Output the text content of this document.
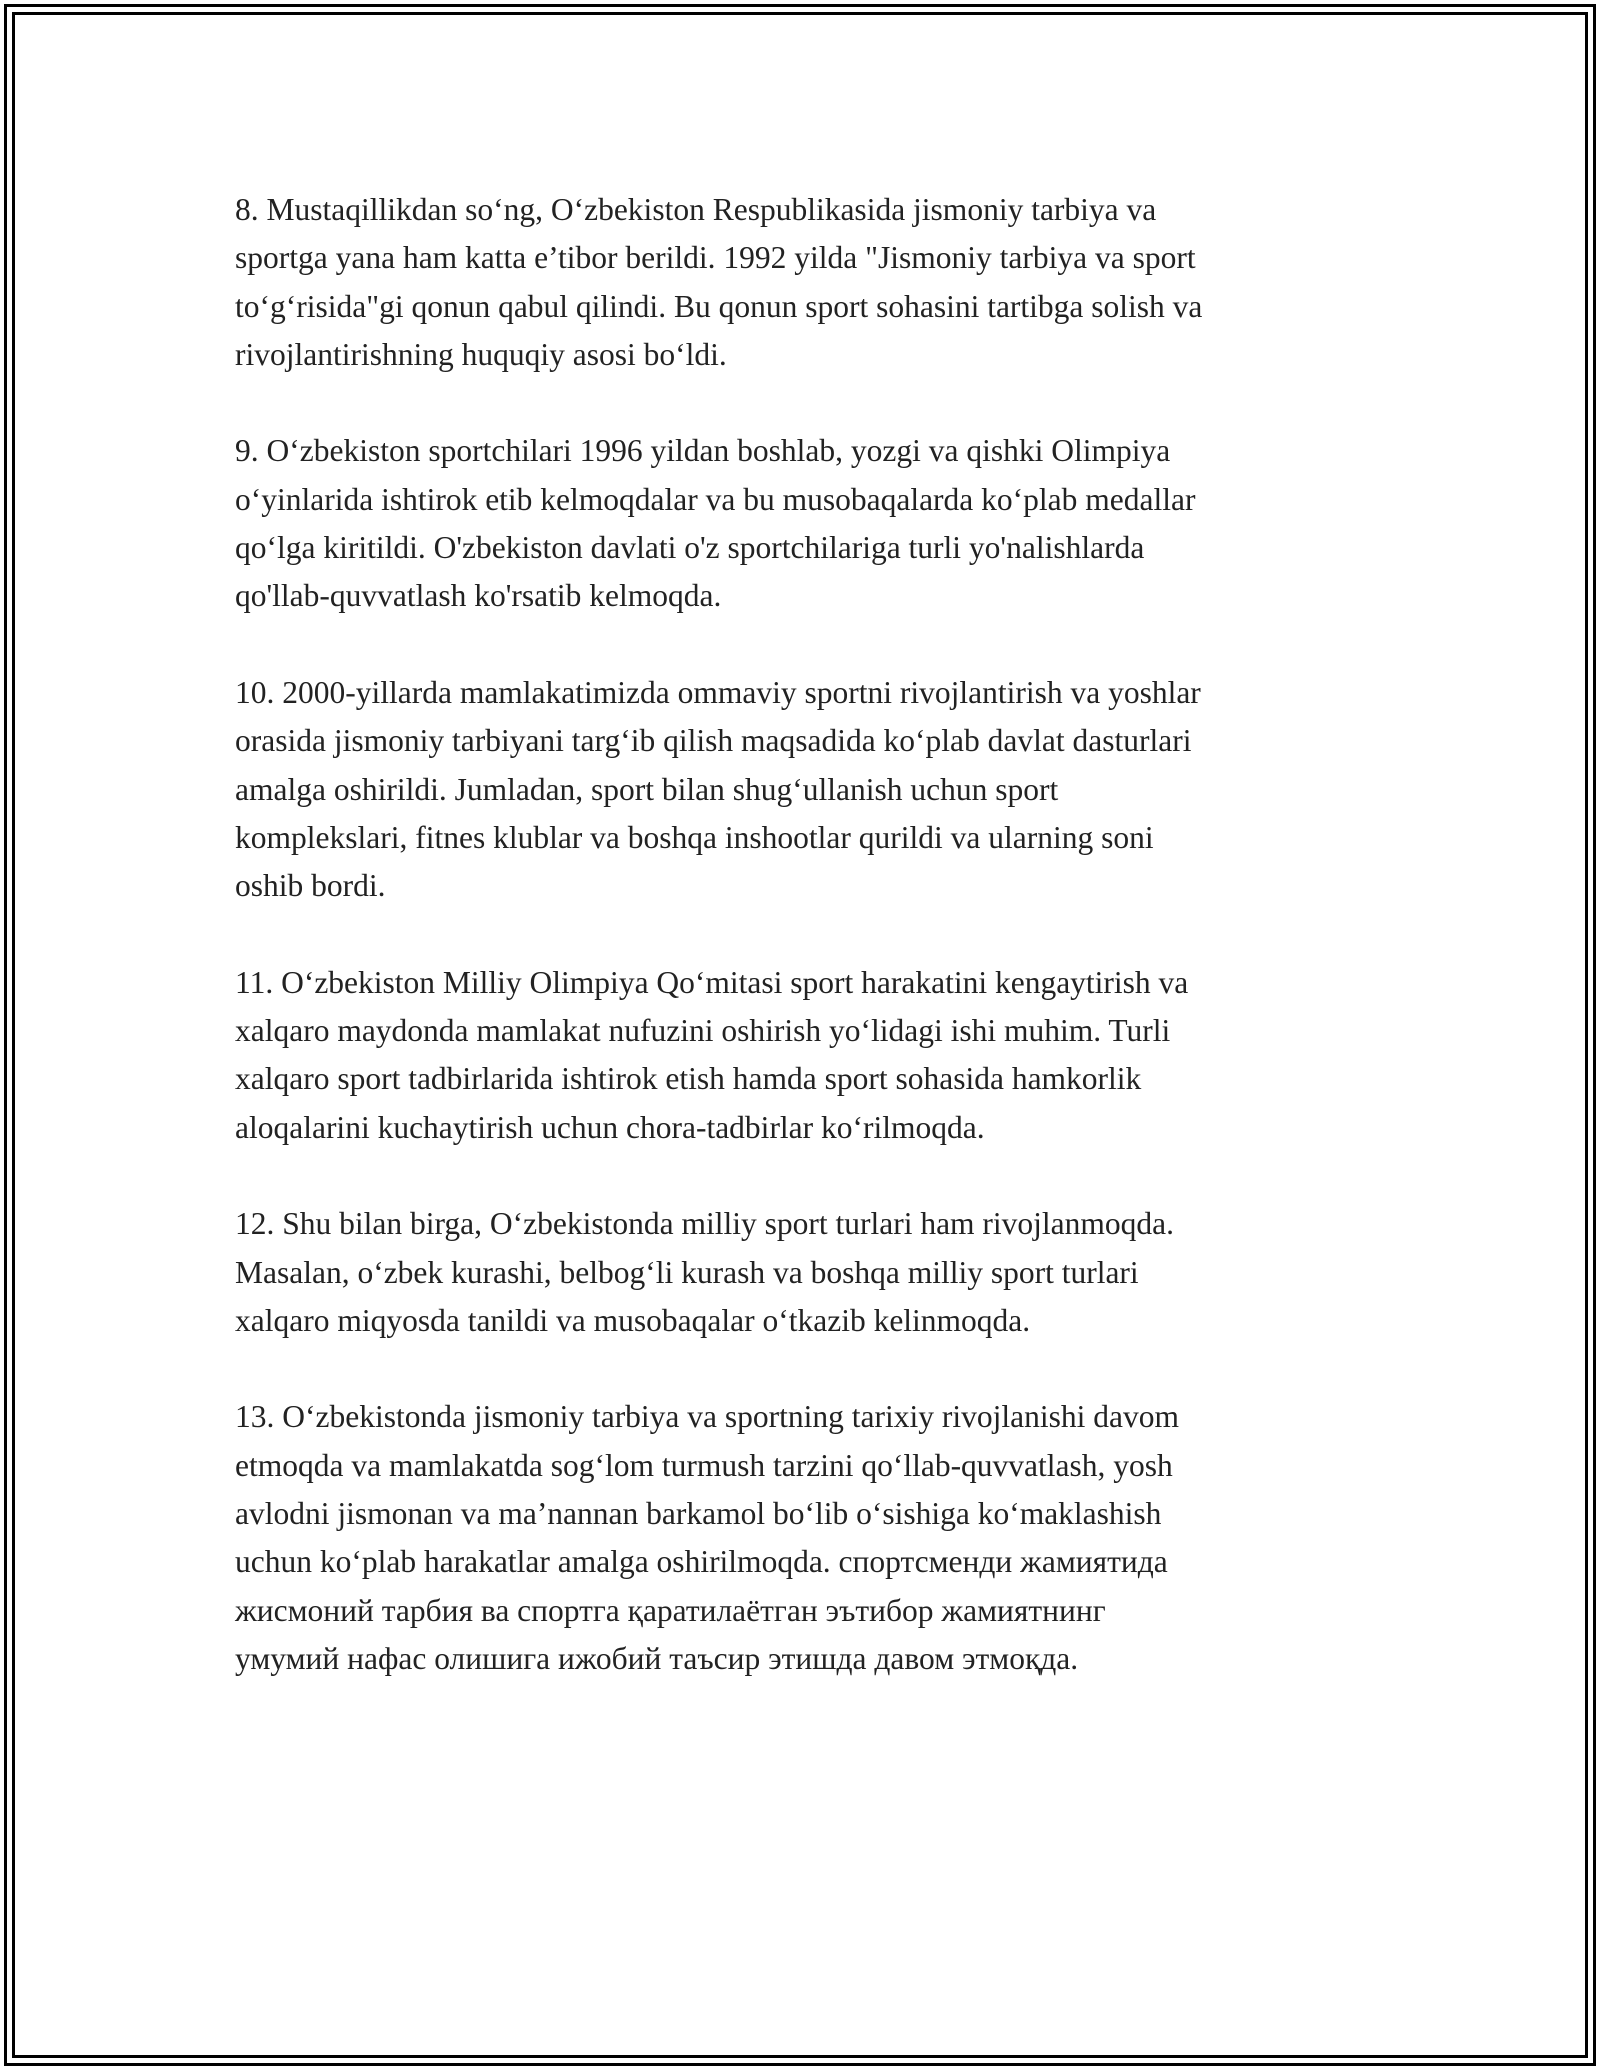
8. Mustaqillikdan so‘ng, O‘zbekiston Respublikasida jismoniy tarbiya va
sportga yana ham katta e’tibor berildi. 1992 yilda "Jismoniy tarbiya va sport
to‘g‘risida"gi qonun qabul qilindi. Bu qonun sport sohasini tartibga solish va
rivojlantirishning huquqiy asosi bo‘ldi.

9. O‘zbekiston sportchilari 1996 yildan boshlab, yozgi va qishki Olimpiya
o‘yinlarida ishtirok etib kelmoqdalar va bu musobaqalarda ko‘plab medallar
qo‘lga kiritildi. O'zbekiston davlati o'z sportchilariga turli yo'nalishlarda
qo'llab-quvvatlash ko'rsatib kelmoqda.

10. 2000-yillarda mamlakatimizda ommaviy sportni rivojlantirish va yoshlar
orasida jismoniy tarbiyani targ‘ib qilish maqsadida ko‘plab davlat dasturlari
amalga oshirildi. Jumladan, sport bilan shug‘ullanish uchun sport
komplekslari, fitnes klublar va boshqa inshootlar qurildi va ularning soni
oshib bordi.

11. O‘zbekiston Milliy Olimpiya Qo‘mitasi sport harakatini kengaytirish va
xalqaro maydonda mamlakat nufuzini oshirish yo‘lidagi ishi muhim. Turli
xalqaro sport tadbirlarida ishtirok etish hamda sport sohasida hamkorlik
aloqalarini kuchaytirish uchun chora-tadbirlar ko‘rilmoqda.

12. Shu bilan birga, O‘zbekistonda milliy sport turlari ham rivojlanmoqda.
Masalan, o‘zbek kurashi, belbog‘li kurash va boshqa milliy sport turlari
xalqaro miqyosda tanildi va musobaqalar o‘tkazib kelinmoqda.

13. O‘zbekistonda jismoniy tarbiya va sportning tarixiy rivojlanishi davom
etmoqda va mamlakatda sog‘lom turmush tarzini qo‘llab-quvvatlash, yosh
avlodni jismonan va ma’nannan barkamol bo‘lib o‘sishiga ko‘maklashish
uchun ko‘plab harakatlar amalga oshirilmoqda. спортсменди жамиятида
жисмоний тарбия ва спортга қаратилаётган эътибор жамиятнинг
умумий нафас олишига ижобий таъсир этишда давом этмоқда.
